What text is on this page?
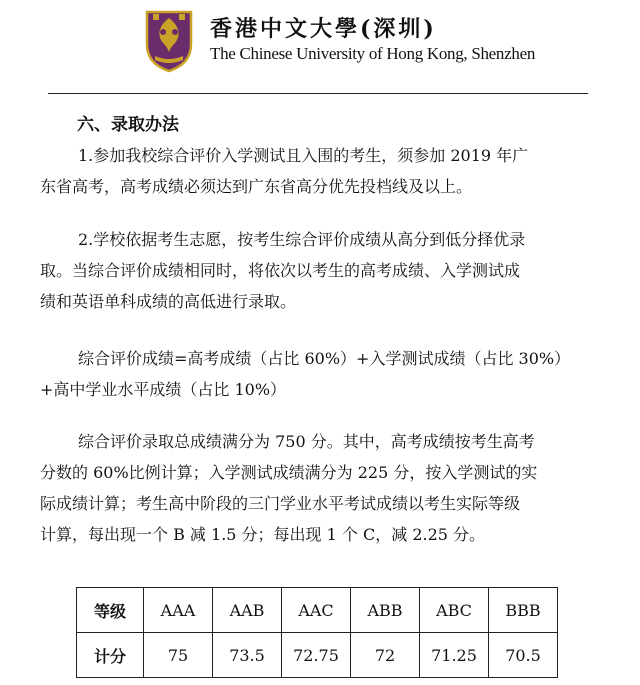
香港中文大學(深圳)
The Chinese University of Hong Kong, Shenzhen
六、录取办法
1.参加我校综合评价入学测试且入围的考生，须参加 2019 年广
东省高考，高考成绩必须达到广东省高分优先投档线及以上。
2.学校依据考生志愿，按考生综合评价成绩从高分到低分择优录
取。当综合评价成绩相同时，将依次以考生的高考成绩、入学测试成
绩和英语单科成绩的高低进行录取。
综合评价成绩=高考成绩（占比 60%）+入学测试成绩（占比 30%）
+高中学业水平成绩（占比 10%）
综合评价录取总成绩满分为 750 分。其中，高考成绩按考生高考
分数的 60%比例计算；入学测试成绩满分为 225 分，按入学测试的实
际成绩计算；考生高中阶段的三门学业水平考试成绩以考生实际等级
计算，每出现一个 B 减 1.5 分；每出现 1 个 C，减 2.25 分。
等级	AAA	AAB	AAC	ABB	ABC	BBB
计分	75	73.5	72.75	72	71.25	70.5
